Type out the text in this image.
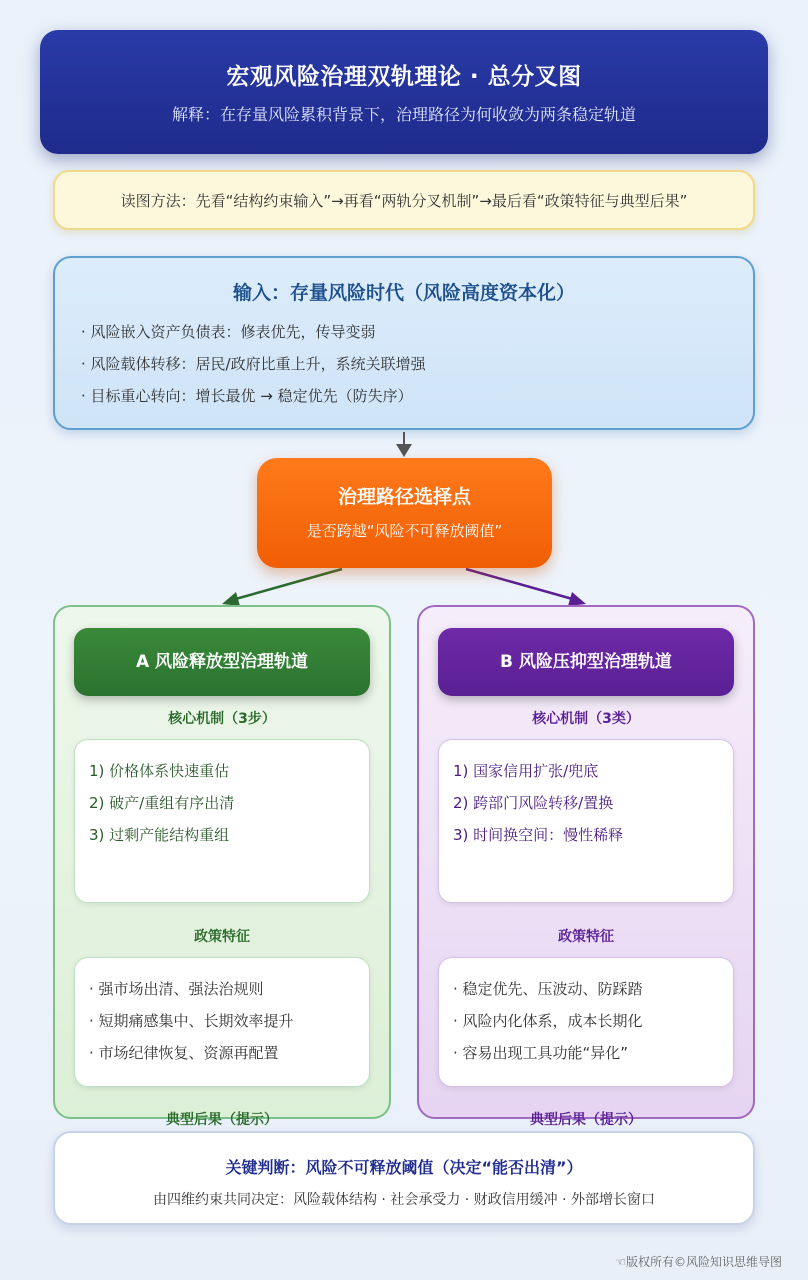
宏观风险治理双轨理论 · 总分叉图
解释：在存量风险累积背景下，治理路径为何收敛为两条稳定轨道
读图方法：先看“结构约束输入”→再看“两轨分叉机制”→最后看“政策特征与典型后果”
输入：存量风险时代（风险高度资本化）
· 风险嵌入资产负债表：修表优先，传导变弱
· 风险载体转移：居民/政府比重上升，系统关联增强
· 目标重心转向：增长最优 → 稳定优先（防失序）
治理路径选择点
是否跨越“风险不可释放阈值”
A 风险释放型治理轨道
核心机制（3步）
1) 价格体系快速重估
2) 破产/重组有序出清
3) 过剩产能结构重组
政策特征
· 强市场出清、强法治规则
· 短期痛感集中、长期效率提升
· 市场纪律恢复、资源再配置
典型后果（提示）
B 风险压抑型治理轨道
核心机制（3类）
1) 国家信用扩张/兜底
2) 跨部门风险转移/置换
3) 时间换空间：慢性稀释
政策特征
· 稳定优先、压波动、防踩踏
· 风险内化体系，成本长期化
· 容易出现工具功能“异化”
典型后果（提示）
关键判断：风险不可释放阈值（决定“能否出清”）
由四维约束共同决定：风险载体结构 · 社会承受力 · 财政信用缓冲 · 外部增长窗口
☜版权所有©风险知识思维导图
